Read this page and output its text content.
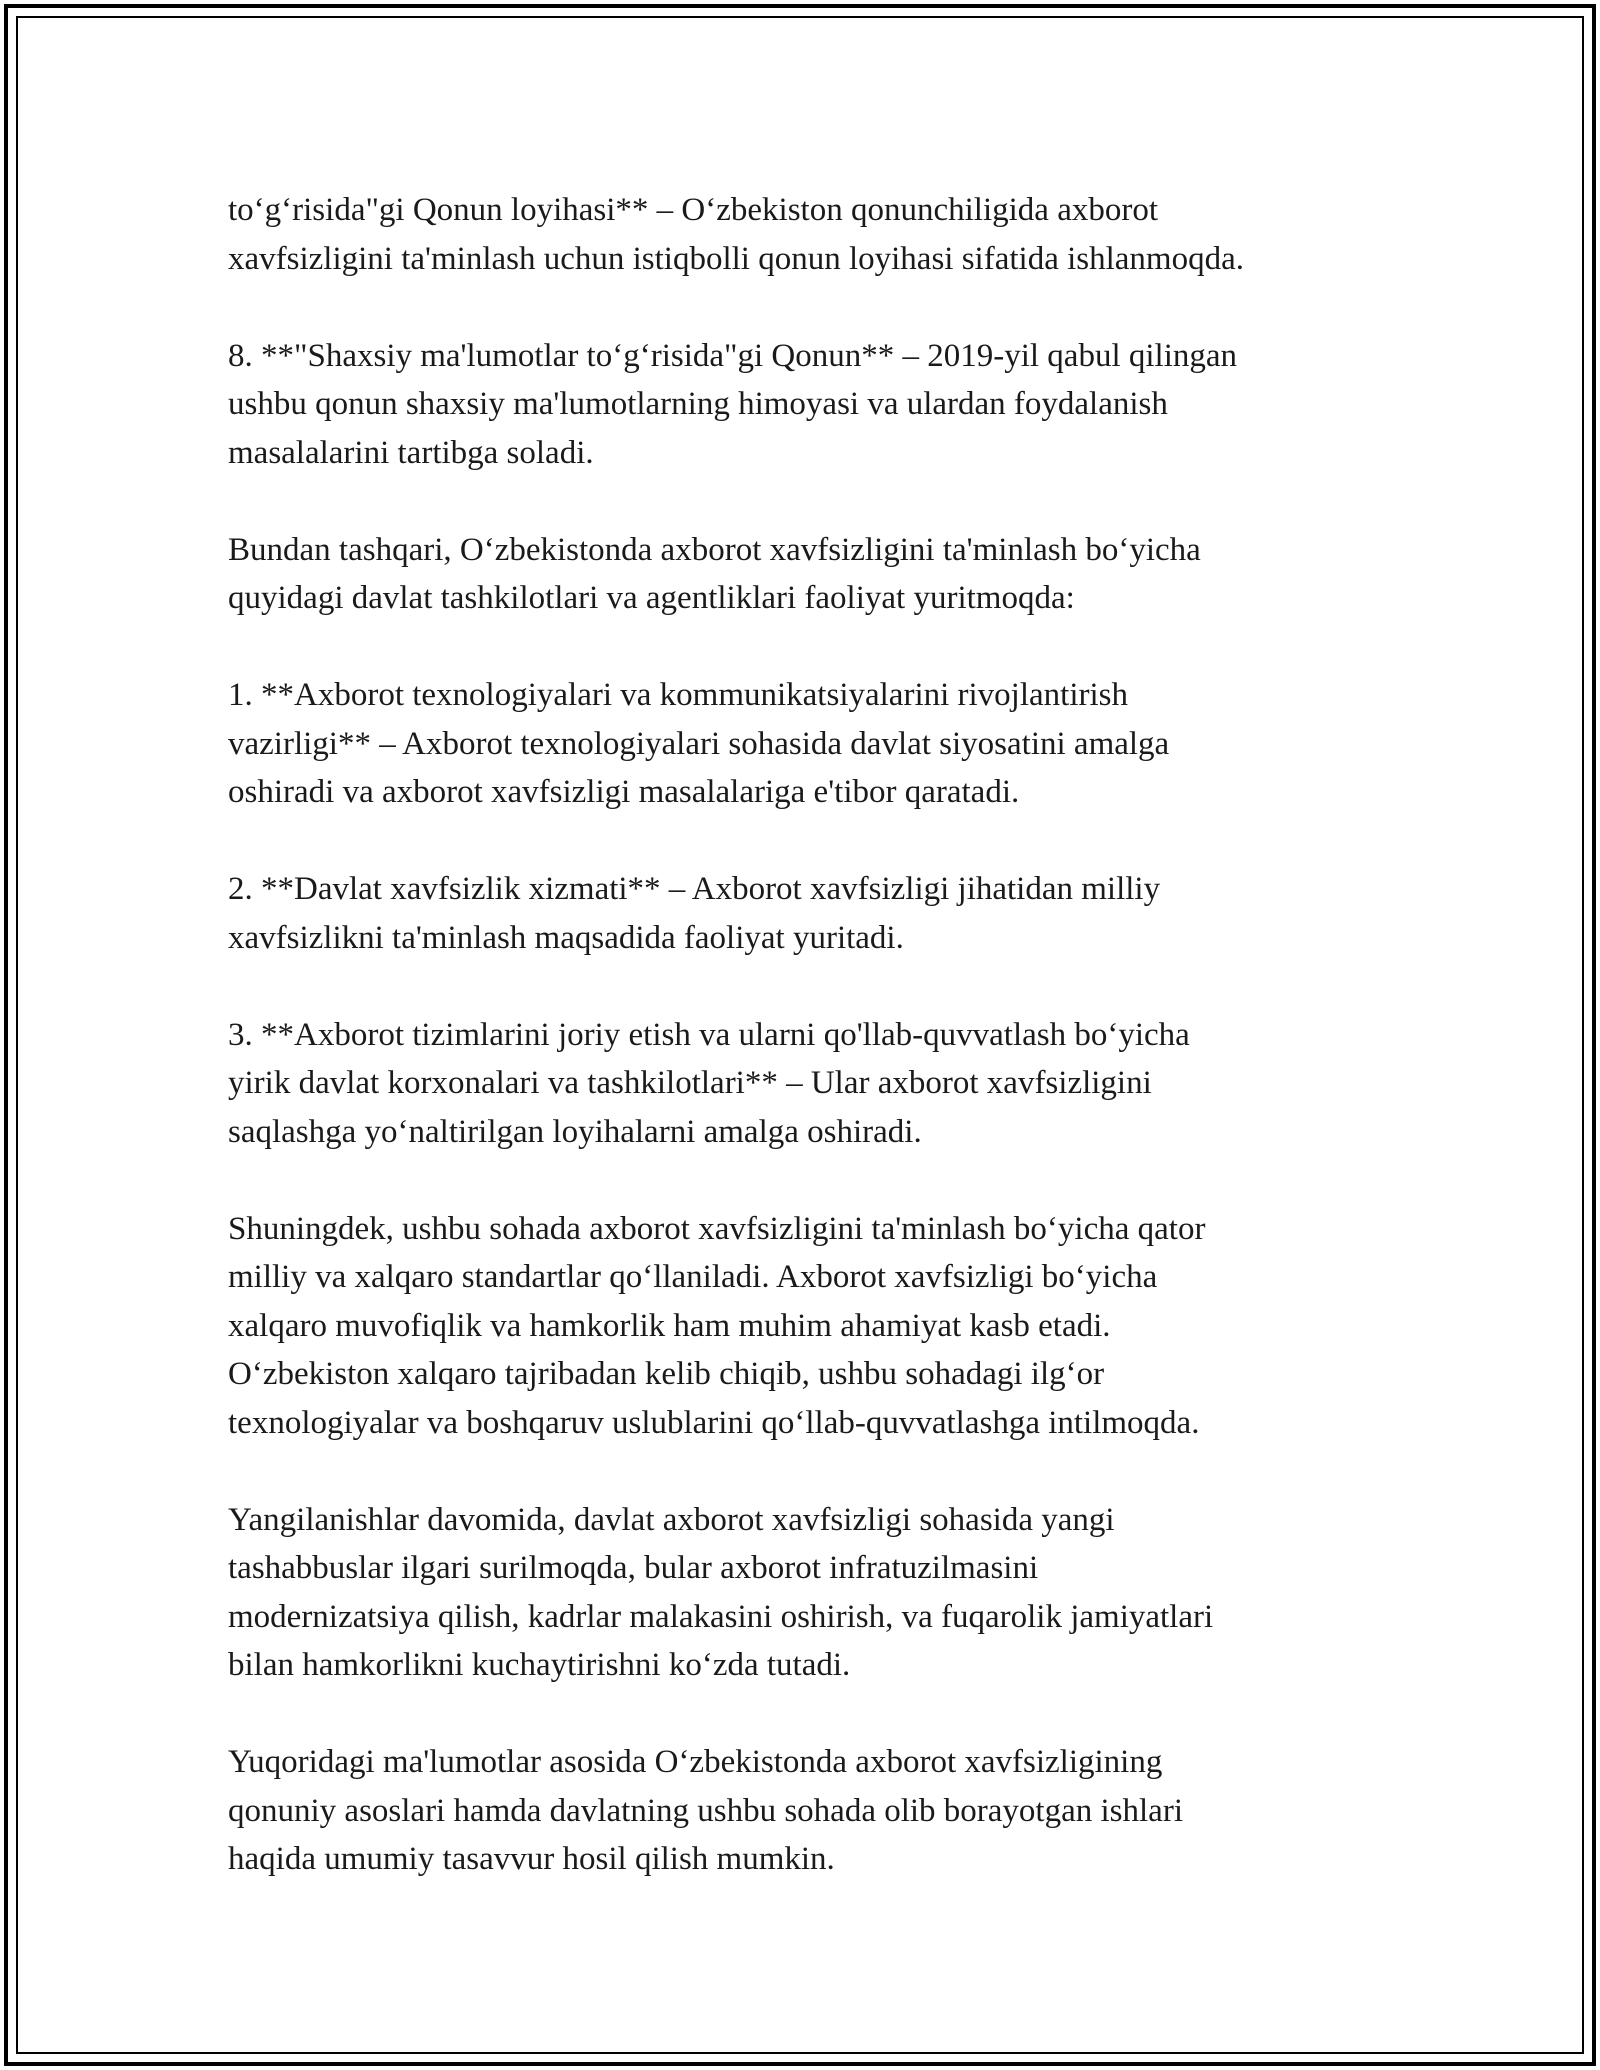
to‘g‘risida"gi Qonun loyihasi** – O‘zbekiston qonunchiligida axborot
xavfsizligini ta'minlash uchun istiqbolli qonun loyihasi sifatida ishlanmoqda.

8. **"Shaxsiy ma'lumotlar to‘g‘risida"gi Qonun** – 2019-yil qabul qilingan
ushbu qonun shaxsiy ma'lumotlarning himoyasi va ulardan foydalanish
masalalarini tartibga soladi.

Bundan tashqari, O‘zbekistonda axborot xavfsizligini ta'minlash bo‘yicha
quyidagi davlat tashkilotlari va agentliklari faoliyat yuritmoqda:

1. **Axborot texnologiyalari va kommunikatsiyalarini rivojlantirish
vazirligi** – Axborot texnologiyalari sohasida davlat siyosatini amalga
oshiradi va axborot xavfsizligi masalalariga e'tibor qaratadi.

2. **Davlat xavfsizlik xizmati** – Axborot xavfsizligi jihatidan milliy
xavfsizlikni ta'minlash maqsadida faoliyat yuritadi.

3. **Axborot tizimlarini joriy etish va ularni qo'llab-quvvatlash bo‘yicha
yirik davlat korxonalari va tashkilotlari** – Ular axborot xavfsizligini
saqlashga yo‘naltirilgan loyihalarni amalga oshiradi.

Shuningdek, ushbu sohada axborot xavfsizligini ta'minlash bo‘yicha qator
milliy va xalqaro standartlar qo‘llaniladi. Axborot xavfsizligi bo‘yicha
xalqaro muvofiqlik va hamkorlik ham muhim ahamiyat kasb etadi.
O‘zbekiston xalqaro tajribadan kelib chiqib, ushbu sohadagi ilg‘or
texnologiyalar va boshqaruv uslublarini qo‘llab-quvvatlashga intilmoqda.

Yangilanishlar davomida, davlat axborot xavfsizligi sohasida yangi
tashabbuslar ilgari surilmoqda, bular axborot infratuzilmasini
modernizatsiya qilish, kadrlar malakasini oshirish, va fuqarolik jamiyatlari
bilan hamkorlikni kuchaytirishni ko‘zda tutadi.

Yuqoridagi ma'lumotlar asosida O‘zbekistonda axborot xavfsizligining
qonuniy asoslari hamda davlatning ushbu sohada olib borayotgan ishlari
haqida umumiy tasavvur hosil qilish mumkin.
